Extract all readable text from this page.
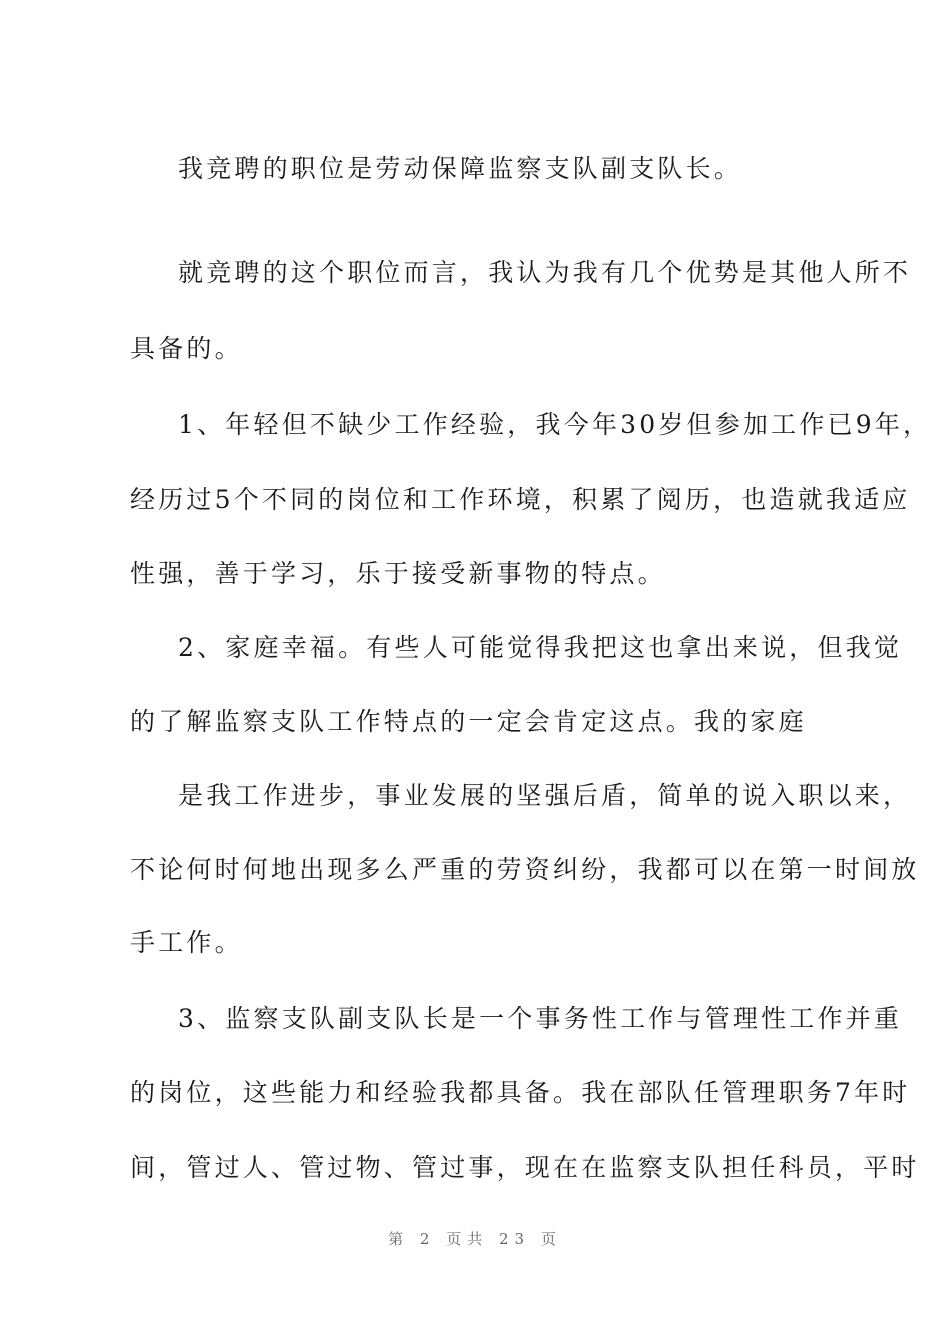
我竞聘的职位是劳动保障监察支队副支队长。
就竞聘的这个职位而言，我认为我有几个优势是其他人所不
具备的。
1、年轻但不缺少工作经验，我今年30岁但参加工作已9年，
经历过5个不同的岗位和工作环境，积累了阅历，也造就我适应
性强，善于学习，乐于接受新事物的特点。
2、家庭幸福。有些人可能觉得我把这也拿出来说，但我觉
的了解监察支队工作特点的一定会肯定这点。我的家庭
是我工作进步，事业发展的坚强后盾，简单的说入职以来，
不论何时何地出现多么严重的劳资纠纷，我都可以在第一时间放
手工作。
3、监察支队副支队长是一个事务性工作与管理性工作并重
的岗位，这些能力和经验我都具备。我在部队任管理职务7年时
间，管过人、管过物、管过事，现在在监察支队担任科员，平时
第 2 页共 23 页
